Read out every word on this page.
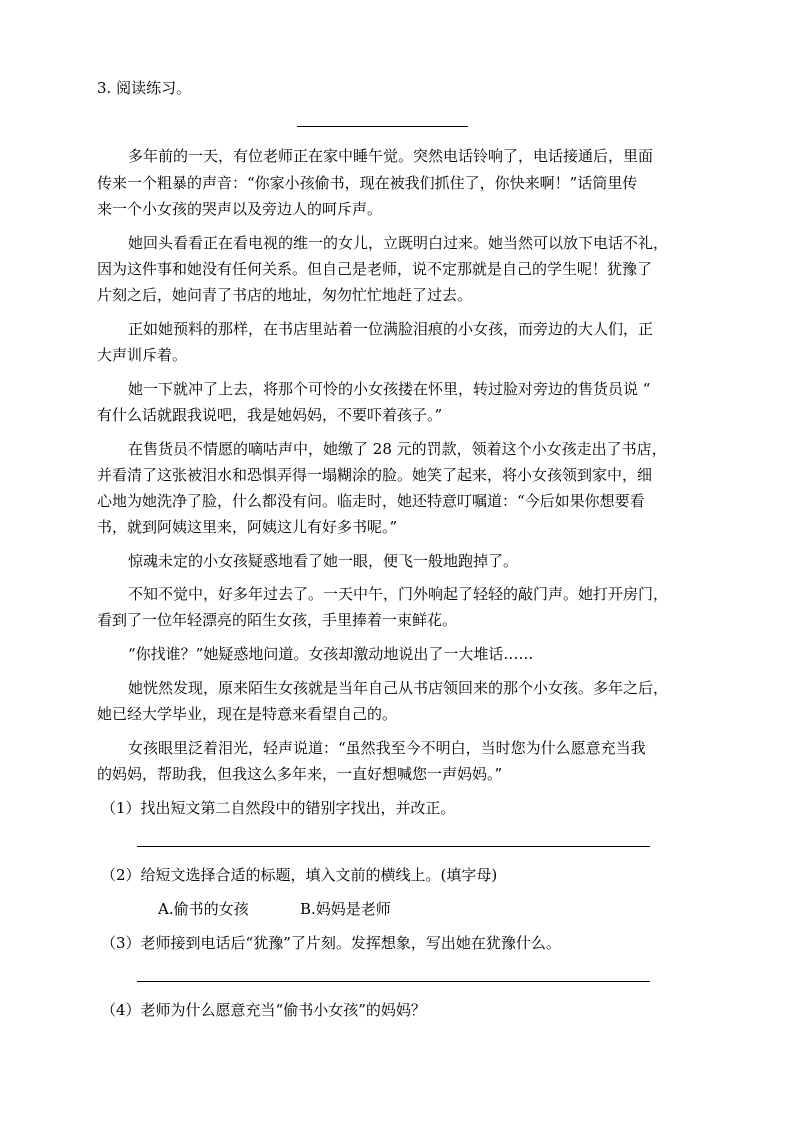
3. 阅读练习。
多年前的一天，有位老师正在家中睡午觉。突然电话铃响了，电话接通后，里面
传来一个粗暴的声音：“你家小孩偷书，现在被我们抓住了，你快来啊！”话筒里传
来一个小女孩的哭声以及旁边人的呵斥声。
她回头看看正在看电视的维一的女儿，立既明白过来。她当然可以放下电话不礼，
因为这件事和她没有任何关系。但自己是老师，说不定那就是自己的学生呢！犹豫了
片刻之后，她问青了书店的地址，匆勿忙忙地赶了过去。
正如她预料的那样，在书店里站着一位满脸泪痕的小女孩，而旁边的大人们，正
大声训斥着。
她一下就冲了上去，将那个可怜的小女孩搂在怀里，转过脸对旁边的售货员说 “
有什么话就跟我说吧，我是她妈妈，不要吓着孩子。”
在售货员不情愿的嘀咕声中，她缴了 28 元的罚款，领着这个小女孩走出了书店，
并看清了这张被泪水和恐惧弄得一塌糊涂的脸。她笑了起来，将小女孩领到家中，细
心地为她洗净了脸，什么都没有问。临走时，她还特意叮嘱道：“今后如果你想要看
书，就到阿姨这里来，阿姨这儿有好多书呢。”
惊魂未定的小女孩疑惑地看了她一眼，便飞一般地跑掉了。
不知不觉中，好多年过去了。一天中午，门外响起了轻轻的敲门声。她打开房门，
看到了一位年轻漂亮的陌生女孩，手里捧着一束鲜花。
“你找谁？”她疑惑地问道。女孩却激动地说出了一大堆话……
她恍然发现，原来陌生女孩就是当年自己从书店领回来的那个小女孩。多年之后，
她已经大学毕业，现在是特意来看望自己的。
女孩眼里泛着泪光，轻声说道：“虽然我至今不明白，当时您为什么愿意充当我
的妈妈，帮助我，但我这么多年来，一直好想喊您一声妈妈。”
（1）找出短文第二自然段中的错别字找出，并改正。
（2）给短文选择合适的标题，填入文前的横线上。(填字母)
A.偷书的女孩	B.妈妈是老师
（3）老师接到电话后“犹豫”了片刻。发挥想象，写出她在犹豫什么。
（4）老师为什么愿意充当“偷书小女孩”的妈妈？
